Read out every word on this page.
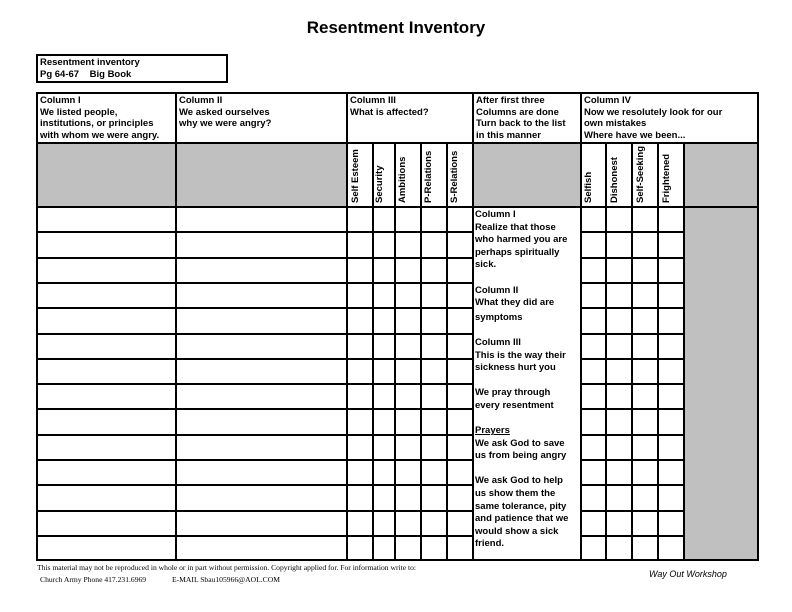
Resentment Inventory
Resentment inventory
Pg 64-67    Big Book
Column I
We listed people,
institutions, or principles
with whom we were angry.
Column II
We asked ourselves
why we were angry?
Column III
What is affected?
After first three
Columns are done
Turn back to the list
in this manner
Column IV
Now we resolutely look for our
own mistakes
Where have we been...
Self Esteem Security Ambitions P-Relations S-Relations	Selfish Dishonest Self-Seeking Frightened
Column I
Realize that those
who harmed you are
perhaps spiritually
sick.
Column II
What they did are
symptoms
Column III
This is the way their
sickness hurt you
We pray through
every resentment
Prayers
We ask God to save
us from being angry
We ask God to help
us show them the
same tolerance, pity
and patience that we
would show a sick
friend.
This material may not be reproduced in whole or in part without permission. Copyright applied for. For information write to:
Church Army Phone 417.231.6969	E-MAIL Sbau105966@AOL.COM
Way Out Workshop
